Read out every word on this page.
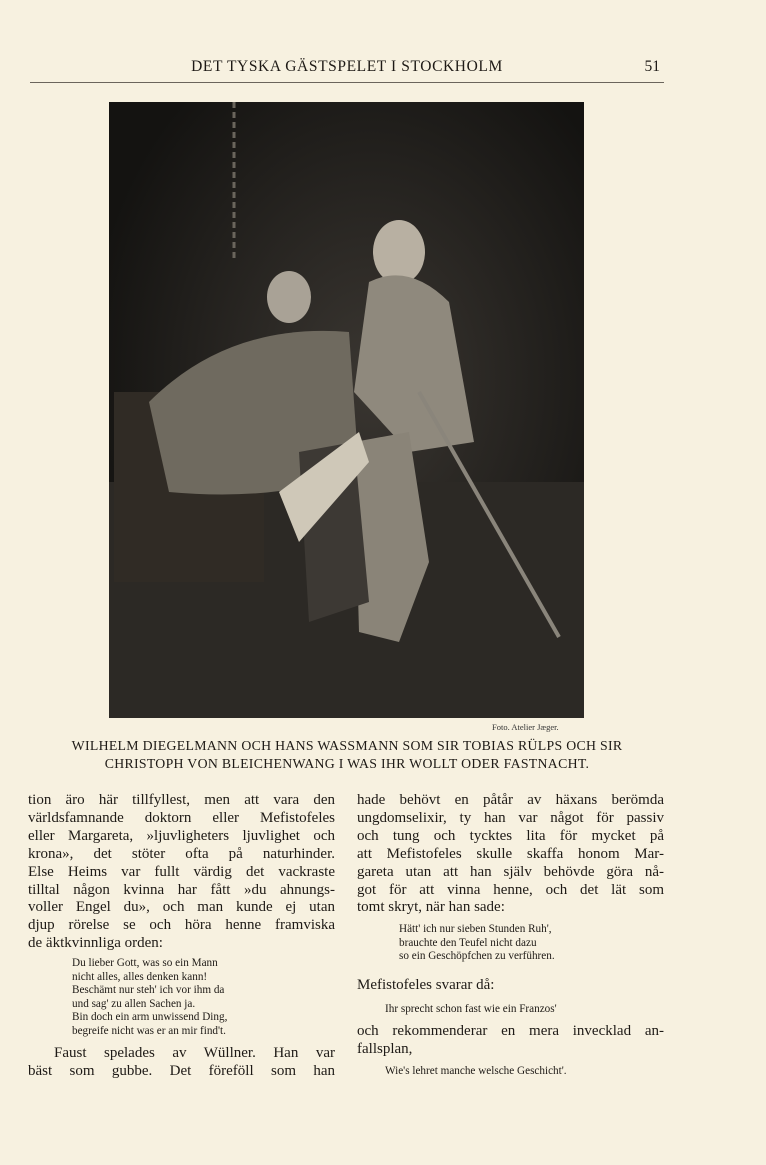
DET TYSKA GÄSTSPELET I STOCKHOLM	51
Foto. Atelier Jæger.
WILHELM DIEGELMANN OCH HANS WASSMANN SOM SIR TOBIAS RÜLPS OCH SIR
CHRISTOPH VON BLEICHENWANG I WAS IHR WOLLT ODER FASTNACHT.
tion äro här tillfyllest, men att vara den
världsfamnande doktorn eller Mefistofeles
eller Margareta, »ljuvligheters ljuvlighet och
krona», det stöter ofta på naturhinder.
Else Heims var fullt värdig det vackraste
tilltal någon kvinna har fått »du ahnungs-
voller Engel du», och man kunde ej utan
djup rörelse se och höra henne framviska
de äktkvinnliga orden:
Du lieber Gott, was so ein Mann
nicht alles, alles denken kann!
Beschämt nur steh' ich vor ihm da
und sag' zu allen Sachen ja.
Bin doch ein arm unwissend Ding,
begreife nicht was er an mir find't.
Faust spelades av Wüllner. Han var
bäst som gubbe. Det föreföll som han
hade behövt en påtår av häxans berömda
ungdomselixir, ty han var något för passiv
och tung och tycktes lita för mycket på
att Mefistofeles skulle skaffa honom Mar-
gareta utan att han själv behövde göra nå-
got för att vinna henne, och det lät som
tomt skryt, när han sade:
Hätt' ich nur sieben Stunden Ruh',
brauchte den Teufel nicht dazu
so ein Geschöpfchen zu verführen.
Mefistofeles svarar då:
Ihr sprecht schon fast wie ein Franzos'
och rekommenderar en mera invecklad an-
fallsplan,
Wie's lehret manche welsche Geschicht'.
